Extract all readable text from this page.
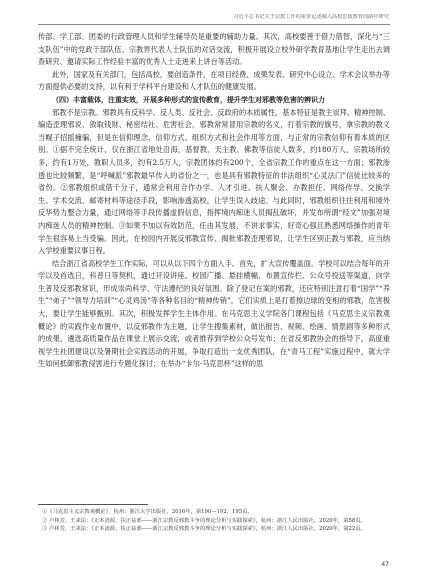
习近平总书记关于宗教工作的重要论述融入高校思政教育的路径研究

传部、学工部、团委的行政管理人员和学生辅导员是重要的辅助力量。其次，高校要善于借力借智，深化与“三支队伍”中的党政干部队伍、宗教界代表人士队伍的对话交流，积极开展设立校外研学教育基地让学生走出去调查研究、邀请实际工作经验丰富的优秀人士走进来上讲台等活动。

此外，国家及有关部门，包括高校，要创造条件，在项目经费、成果发表、研究中心设立、学术会议举办等方面提供必要的支持，以有利于学科平台建设和人才队伍的健康发展。

（四）丰富载体，注重实效，开展多种形式的宣传教育，提升学生对邪教等危害的辨识力

邪教不是宗教。邪教具有反科学、反人类、反社会、反政府的本质属性，基本特征是教主崇拜、精神控制、编造歪理邪说、敛取钱财、秘密结社、危害社会。邪教常常冒用宗教的名义，打着宗教的旗号，拿宗教的教义当幌子招摇撞骗，但是在信仰理念、信仰方式、组织方式和社会作用等方面，与正常的宗教信仰有着本质的区别。①据不完全统计，仅在浙江省地处沿海，基督教、天主教、佛教等信徒人数多，约180万人，宗教场所较多，约有1万处，教职人员多，约有2.5万人，宗教团体约有200个，全省宗教工作的重点在这一方面；邪教渗透也比较频繁，是“呼喊派”邪教最早传入的省份之一，也是具有邪教特征的非法组织“心灵法门”信徒比较多的省份。②邪教组织或借千分子，通常会利用合作办学、人才引进、扶人聚会、办教担任、网络传导、交换学生、学术交流、邮寄材料等途径手段，影响渗透高校，让学生误入歧途。与此同时，邪教组织往往利用和境外反华势力整合力量，通过网络等手段传播虚假信息，指挥境内痴迷人员揭乱破坏，并发布所谓“经文”加强对境内痴迷人员的精神控制。③如果不加以有效防范，任由其发展，不讲求事实，好奇心强且熟悉网络操作的青年学生很容易上当受骗。因此，在校园内开展反邪教宣传、揭批邪教歪理邪说，让学生区别正教与邪教，应当纳入学校重要议事日程。

结合浙江省高校学生工作实际，可以从以下四个方面入手。首先，扩大宣传覆盖面。学校可以结合每年的开学以及首选日，科普日等契机，通过开设讲座、校园广播、悬挂横幅、布置宣传栏、公众号投送等渠道，向学生普及反邪教常识，形成崇尚科学、守法遵纪的良好氛围。除了登记在案的邪教，还应特别注意打着“国学”“养生”“弟子”“领导力培训”“心灵鸡汤”等各种名目的“精神传销”。它们实质上是打着擦边球的变相的邪教，危害极大，要让学生能够甄别。其次，积极发挥学生主体作用。在马克思主义学院各门课程包括《马克思主义宗教观概论》的实践作业布置中，以反邪教作为主题，让学生搜集素材，做出报告、视频、绘画、情景剧等多种形式的成果，遴选高质量作品在课堂上展示交流，或者推荐到学校公众号发布；在省反邪教协会的指导下，高度重视学生社团建设以及暑期社会实践活动的开展，争取打造出一支优秀团队，在“青马工程”实施过程中，就大学生如何抵御邪教侵害进行专题化探讨；在举办“卡尔·马克思杯”这样的思

①《马克思主义宗教观概论》，杭州：浙江大学出版社，2016年，第190—192、195页。

② 卢林芳，王来法：《正本清源，扶正祛邪——浙江宗教反邪教斗争的理论分析与实践探索》，杭州：浙江人民出版社，2020年，第58页。

③ 卢林芳，王来法：《正本清源，扶正祛邪——浙江宗教反邪教斗争的理论分析与实践探索》，杭州：浙江人民出版社，2020年，第22页。

47
